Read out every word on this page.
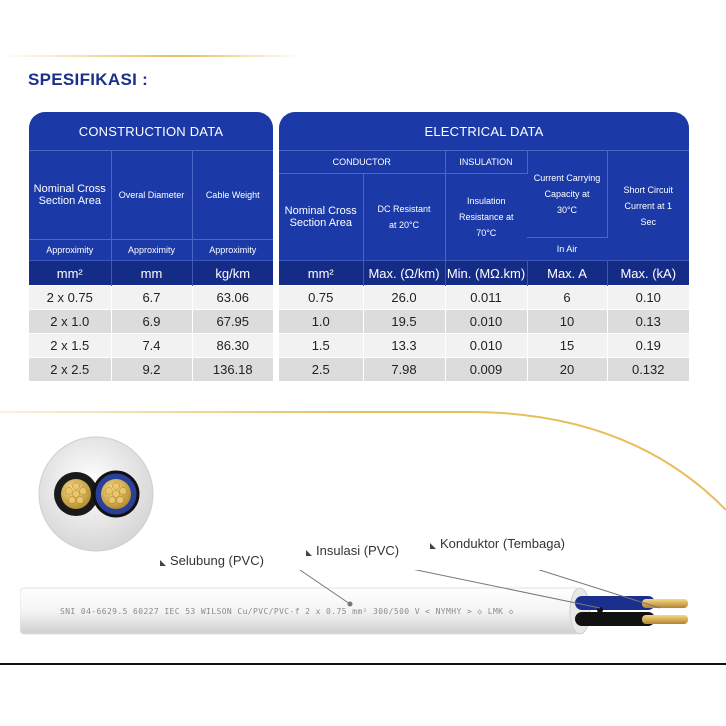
SPESIFIKASI :
CONSTRUCTION DATA		
Nominal Cross Section Area	Overal Diameter	Cable Weight
Approximity	Approximity	Approximity
mm²	mm	kg/km
2 x 0.75	6.7	63.06
2 x 1.0	6.9	67.95
2 x 1.5	7.4	86.30
2 x 2.5	9.2	136.18
ELECTRICAL DATA				
CONDUCTOR		INSULATION	Current Carrying Capacity at 30°C	Short Circuit Current at 1 Sec
Nominal Cross Section Area	DC Resistant at 20°C	Insulation Resistance at 70°C		
			In Air	
mm²	Max. (Ω/km)	Min. (MΩ.km)	Max. A	Max. (kA)
0.75	26.0	0.011	6	0.10
1.0	19.5	0.010	10	0.13
1.5	13.3	0.010	15	0.19
2.5	7.98	0.009	20	0.132
SNI 04-6629.5 60227 IEC 53 WILSON Cu/PVC/PVC-f 2 x 0.75 mm² 300/500 V < NYMHY > ◇ LMK ◇
Selubung (PVC)
Insulasi (PVC)	Konduktor (Tembaga)
